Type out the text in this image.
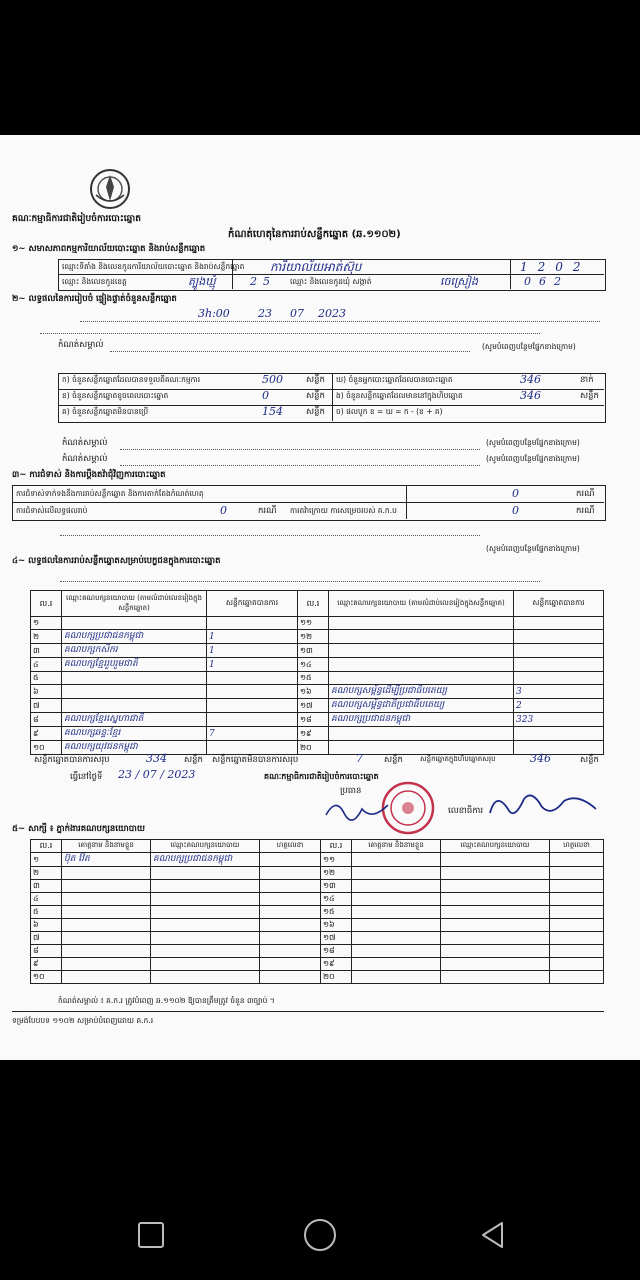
គណៈកម្មាធិការជាតិរៀបចំការបោះឆ្នោត
កំណត់ហេតុនៃការរាប់សន្លឹកឆ្នោត (ឆ.១១០២)
១~ សមាសភាពកម្មការិយាល័យបោះឆ្នោត និងរាប់សន្លឹកឆ្នោត
ឈ្មោះទីតាំង និងលេខកូដការិយាល័យបោះឆ្នោត និងរាប់សន្លឹកឆ្នោត ការិយាល័យអាត់ស៊ុប	1202
ឈ្មោះ និងលេខកូដខេត្ត	ត្បូងឃ្មុំ	25 ឈ្មោះ និងលេខកូដឃុំ សង្កាត់	ចេស្រៀង	062
២~ លទ្ធផលនៃការរៀបចំ ផ្ទៀងផ្ទាត់ចំនួនសន្លឹកឆ្នោត
3h:00	23 07 2023
កំណត់សម្គាល់	(សូមបំពេញបន្ថែមផ្នែកខាងក្រោម)
កំណត់សម្គាល់	(សូមបំពេញបន្ថែមផ្នែកខាងក្រោម)
កំណត់សម្គាល់	(សូមបំពេញបន្ថែមផ្នែកខាងក្រោម)
៣~ ការជំទាស់ និងការប្ដឹងតវ៉ាជុំវិញការបោះឆ្នោត
ការជំទាស់ទាក់ទងនឹងការរាប់សន្លឹកឆ្នោត និងការតាក់តែងកំណត់ហេតុ	0	ករណី
ការជំទាស់លើលទ្ធផលរាប់	0	ករណី ការតវ៉ាក្រោយ ការសម្រេចរបស់ គ.ក.ប	0	ករណី
(សូមបំពេញបន្ថែមផ្នែកខាងក្រោម)
៤~ លទ្ធផលនៃការរាប់សន្លឹកឆ្នោតសម្រាប់បេក្ខជនក្នុងការបោះឆ្នោត
ល.រ	ឈ្មោះគណបក្សនយោបាយ (តាមលំដាប់លេខរៀងក្នុងសន្លឹកឆ្នោត)	សន្លឹកឆ្នោតបានការ	ល.រ	ឈ្មោះគណបក្សនយោបាយ (តាមលំដាប់លេខរៀងក្នុងសន្លឹកឆ្នោត)	សន្លឹកឆ្នោតបានការ
១			១១		
២	គណបក្សប្រជាជនកម្ពុជា	1	១២		
៣	គណបក្សកសិករ	1	១៣		
៤	គណបក្សខ្មែររួបរួមជាតិ	1	១៤		
៥			១៥		
៦			១៦	គណបក្សសម្ព័ន្ធដើម្បីប្រជាធិបតេយ្យ	3
៧			១៧	គណបក្សសម្ព័ន្ធជាតិប្រជាធិបតេយ្យ	2
៨	គណបក្សខ្មែរស្នេហាជាតិ		១៨	គណបក្សប្រជាជនកម្ពុជា	323
៩	គណបក្សឆន្ទៈខ្មែរ	7	១៩		
១០	គណបក្សយុវជនកម្ពុជា		២០		
សន្លឹកឆ្នោតបានការសរុប	334 សន្លឹក សន្លឹកឆ្នោតមិនបានការសរុប	7 សន្លឹក សន្លឹកឆ្នោតក្នុងហិបឆ្នោតសរុប	346	សន្លឹក
ធ្វើនៅថ្ងៃទី 23 / 07 / 2023	គណៈកម្មាធិការជាតិរៀបចំការបោះឆ្នោត
ប្រធាន
លេខាធិការ
៥~ សាក្សី ៖ ភ្នាក់ងារគណបក្សនយោបាយ
ល.រ	គោត្តនាម និងនាមខ្លួន	ឈ្មោះគណបក្សនយោបាយ	ហត្ថលេខា	ល.រ	គោត្តនាម និងនាមខ្លួន	ឈ្មោះគណបក្សនយោបាយ	ហត្ថលេខា
១	ប៊ុត វ៉ែត	គណបក្សប្រជាជនកម្ពុជា		១១			
២				១២			
៣				១៣			
៤				១៤			
៥				១៥			
៦				១៦			
៧				១៧			
៨				១៨			
៩				១៩			
១០				២០			
កំណត់សម្គាល់ ៖ គ.ក.រ ត្រូវបំពេញ ឆ.១១០២ ឱ្យបានត្រឹមត្រូវ ចំនួន ៣ច្បាប់ ។
ទម្រង់បែបបទ ១១០២ សម្រាប់បំពេញដោយ គ.ក.រ
ក) ចំនួនសន្លឹកឆ្នោតដែលបានទទួលពីគណៈកម្មការ	500	សន្លឹក ឃ) ចំនួនអ្នកបោះឆ្នោតដែលបានបោះឆ្នោត	346	នាក់
ខ) ចំនួនសន្លឹកឆ្នោតខូចពេលបោះឆ្នោត	0	សន្លឹក ង) ចំនួនសន្លឹកឆ្នោតដែលមាននៅក្នុងហិបឆ្នោត	346	សន្លឹក
គ) ចំនួនសន្លឹកឆ្នោតមិនបានប្រើ	154	សន្លឹក ច) ផលបូក ខ = ឃ = ក - (ខ + គ)
